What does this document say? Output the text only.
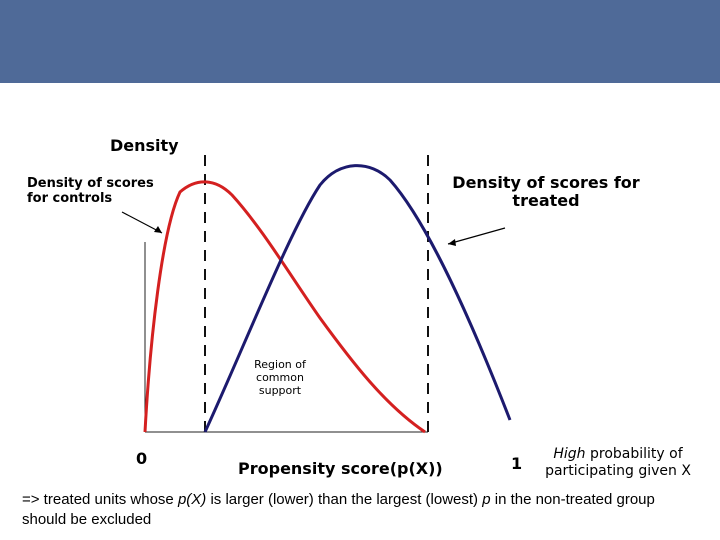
Density
Density of scores
for controls
Density of scores for
treated
Region of
common
support
0
Propensity score(p(X))	1	High probability of
participating given X
=> treated units whose p(X) is larger (lower) than the largest (lowest) p in the non-treated group should be excluded
